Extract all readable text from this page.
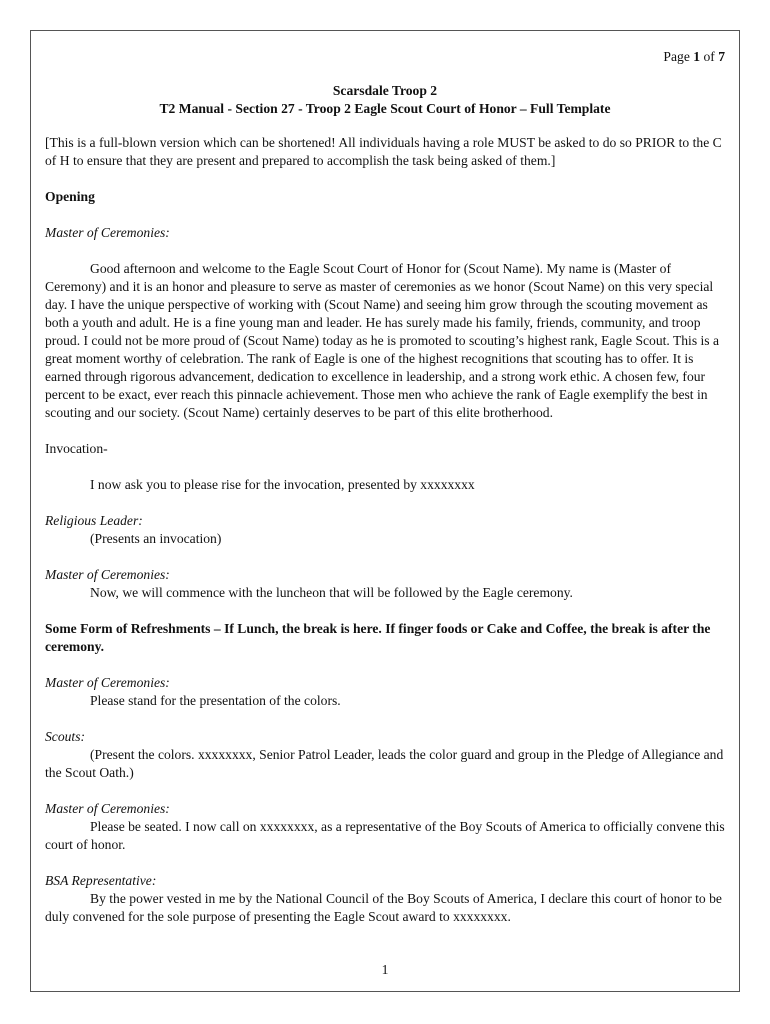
Page 1 of 7

Scarsdale Troop 2

T2 Manual - Section 27 - Troop 2 Eagle Scout Court of Honor – Full Template

[This is a full-blown version which can be shortened! All individuals having a role MUST be asked to do so PRIOR to the C of H to ensure that they are present and prepared to accomplish the task being asked of them.]

Opening

Master of Ceremonies:

Good afternoon and welcome to the Eagle Scout Court of Honor for (Scout Name). My name is (Master of Ceremony) and it is an honor and pleasure to serve as master of ceremonies as we honor (Scout Name) on this very special day. I have the unique perspective of working with (Scout Name) and seeing him grow through the scouting movement as both a youth and adult. He is a fine young man and leader. He has surely made his family, friends, community, and troop proud. I could not be more proud of (Scout Name) today as he is promoted to scouting’s highest rank, Eagle Scout. This is a great moment worthy of celebration. The rank of Eagle is one of the highest recognitions that scouting has to offer. It is earned through rigorous advancement, dedication to excellence in leadership, and a strong work ethic. A chosen few, four percent to be exact, ever reach this pinnacle achievement. Those men who achieve the rank of Eagle exemplify the best in scouting and our society. (Scout Name) certainly deserves to be part of this elite brotherhood.

Invocation-

I now ask you to please rise for the invocation, presented by xxxxxxxx

Religious Leader:

(Presents an invocation)

Master of Ceremonies:

Now, we will commence with the luncheon that will be followed by the Eagle ceremony.

Some Form of Refreshments – If Lunch, the break is here. If finger foods or Cake and Coffee, the break is after the ceremony.

Master of Ceremonies:

Please stand for the presentation of the colors.

Scouts:

(Present the colors. xxxxxxxx, Senior Patrol Leader, leads the color guard and group in the Pledge of Allegiance and the Scout Oath.)

Master of Ceremonies:

Please be seated. I now call on xxxxxxxx, as a representative of the Boy Scouts of America to officially convene this court of honor.

BSA Representative:

By the power vested in me by the National Council of the Boy Scouts of America, I declare this court of honor to be duly convened for the sole purpose of presenting the Eagle Scout award to xxxxxxxx.

1
